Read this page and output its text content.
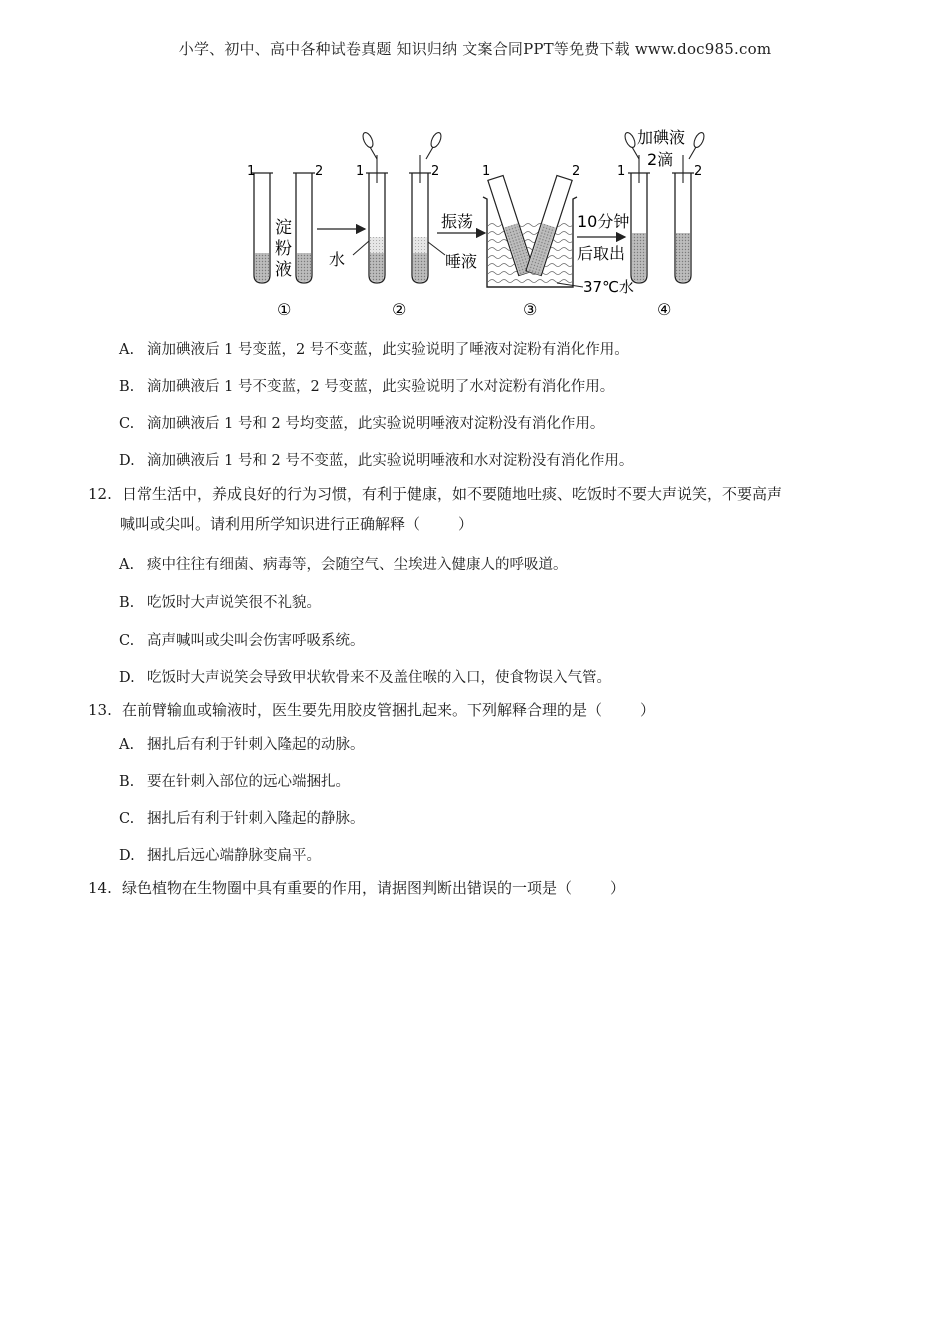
小学、初中、高中各种试卷真题 知识归纳 文案合同PPT等免费下载 www.doc985.com
1	2
淀
粉
液
1	2
水	唾液
振荡
1	2
37℃水
10分钟
后取出
1	2
加碘液
2滴
①	②	③	④
A. 滴加碘液后 1 号变蓝，2 号不变蓝，此实验说明了唾液对淀粉有消化作用。
B. 滴加碘液后 1 号不变蓝，2 号变蓝，此实验说明了水对淀粉有消化作用。
C. 滴加碘液后 1 号和 2 号均变蓝，此实验说明唾液对淀粉没有消化作用。
D. 滴加碘液后 1 号和 2 号不变蓝，此实验说明唾液和水对淀粉没有消化作用。
12. 日常生活中，养成良好的行为习惯，有利于健康，如不要随地吐痰、吃饭时不要大声说笑，不要高声
喊叫或尖叫。请利用所学知识进行正确解释（	）
A. 痰中往往有细菌、病毒等，会随空气、尘埃进入健康人的呼吸道。
B. 吃饭时大声说笑很不礼貌。
C. 高声喊叫或尖叫会伤害呼吸系统。
D. 吃饭时大声说笑会导致甲状软骨来不及盖住喉的入口，使食物误入气管。
13. 在前臂输血或输液时，医生要先用胶皮管捆扎起来。下列解释合理的是（	）
A. 捆扎后有利于针刺入隆起的动脉。
B. 要在针刺入部位的远心端捆扎。
C. 捆扎后有利于针刺入隆起的静脉。
D. 捆扎后远心端静脉变扁平。
14. 绿色植物在生物圈中具有重要的作用，请据图判断出错误的一项是（	）
